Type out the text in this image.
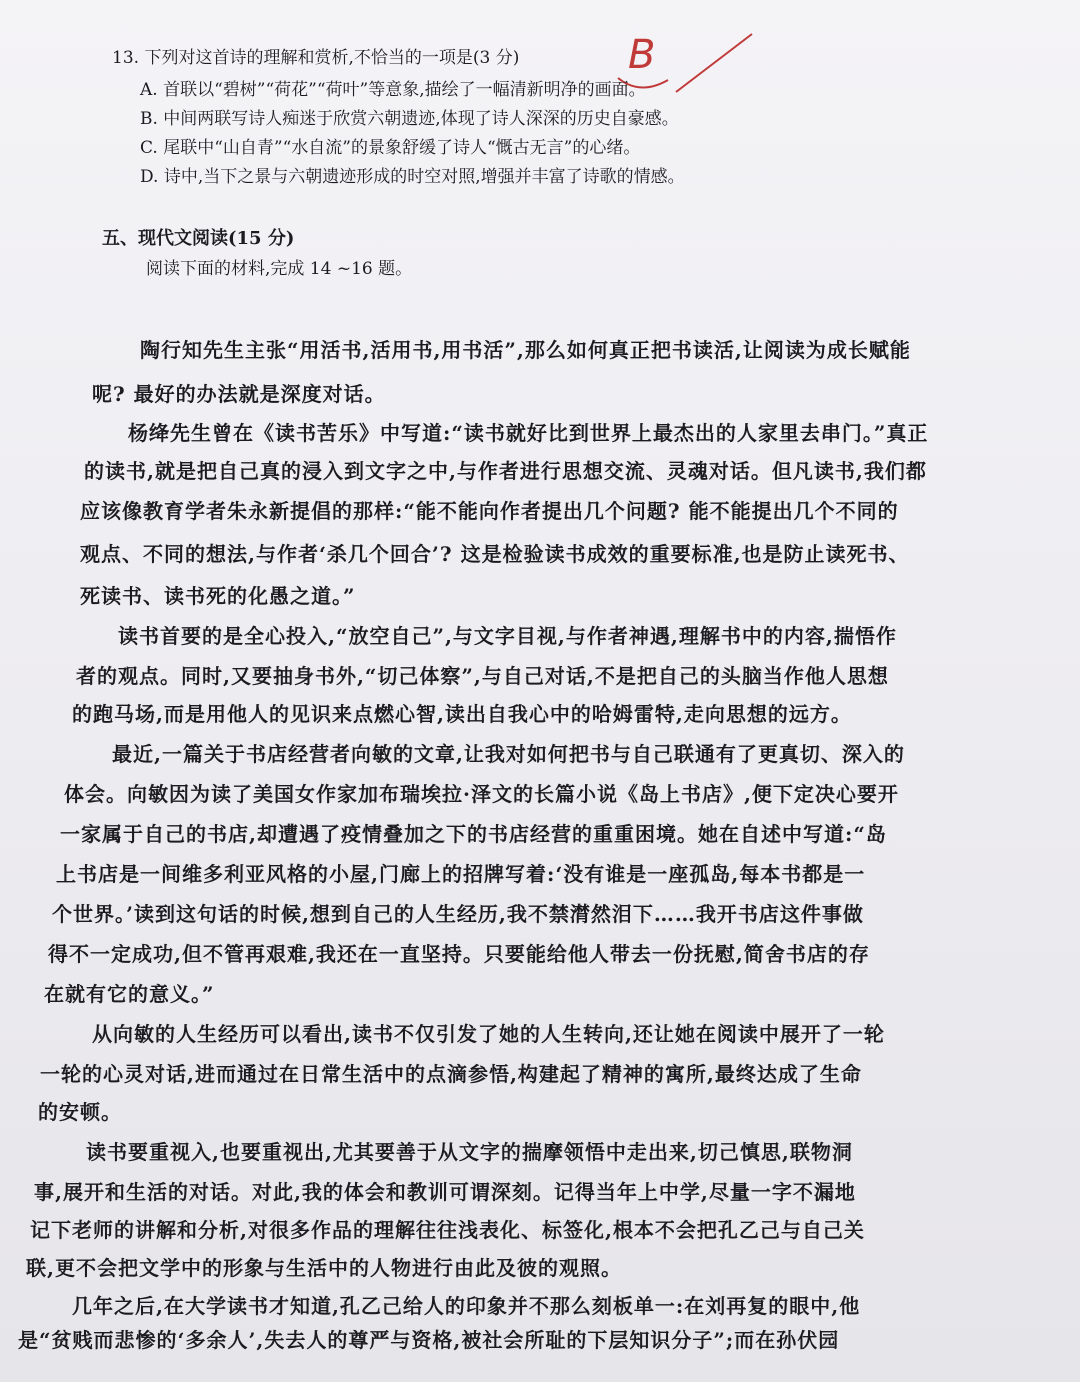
13. 下列对这首诗的理解和赏析,不恰当的一项是(3 分)	B
A. 首联以“碧树”“荷花”“荷叶”等意象,描绘了一幅清新明净的画面。
B. 中间两联写诗人痴迷于欣赏六朝遗迹,体现了诗人深深的历史自豪感。
C. 尾联中“山自青”“水自流”的景象舒缓了诗人“慨古无言”的心绪。
D. 诗中,当下之景与六朝遗迹形成的时空对照,增强并丰富了诗歌的情感。
五、现代文阅读(15 分)
阅读下面的材料,完成 14 ~16 题。
陶行知先生主张“用活书,活用书,用书活”,那么如何真正把书读活,让阅读为成长赋能
呢? 最好的办法就是深度对话。
杨绛先生曾在《读书苦乐》中写道:“读书就好比到世界上最杰出的人家里去串门。”真正
的读书,就是把自己真的浸入到文字之中,与作者进行思想交流、灵魂对话。但凡读书,我们都
应该像教育学者朱永新提倡的那样:“能不能向作者提出几个问题? 能不能提出几个不同的
观点、不同的想法,与作者‘杀几个回合’? 这是检验读书成效的重要标准,也是防止读死书、
死读书、读书死的化愚之道。”
读书首要的是全心投入,“放空自己”,与文字目视,与作者神遇,理解书中的内容,揣悟作
者的观点。同时,又要抽身书外,“切己体察”,与自己对话,不是把自己的头脑当作他人思想
的跑马场,而是用他人的见识来点燃心智,读出自我心中的哈姆雷特,走向思想的远方。
最近,一篇关于书店经营者向敏的文章,让我对如何把书与自己联通有了更真切、深入的
体会。向敏因为读了美国女作家加布瑞埃拉·泽文的长篇小说《岛上书店》,便下定决心要开
一家属于自己的书店,却遭遇了疫情叠加之下的书店经营的重重困境。她在自述中写道:“岛
上书店是一间维多利亚风格的小屋,门廊上的招牌写着:‘没有谁是一座孤岛,每本书都是一
个世界。’读到这句话的时候,想到自己的人生经历,我不禁潸然泪下……我开书店这件事做
得不一定成功,但不管再艰难,我还在一直坚持。只要能给他人带去一份抚慰,简舍书店的存
在就有它的意义。”
从向敏的人生经历可以看出,读书不仅引发了她的人生转向,还让她在阅读中展开了一轮
一轮的心灵对话,进而通过在日常生活中的点滴参悟,构建起了精神的寓所,最终达成了生命
的安顿。
读书要重视入,也要重视出,尤其要善于从文字的揣摩领悟中走出来,切己慎思,联物洞
事,展开和生活的对话。对此,我的体会和教训可谓深刻。记得当年上中学,尽量一字不漏地
记下老师的讲解和分析,对很多作品的理解往往浅表化、标签化,根本不会把孔乙己与自己关
联,更不会把文学中的形象与生活中的人物进行由此及彼的观照。
几年之后,在大学读书才知道,孔乙己给人的印象并不那么刻板单一:在刘再复的眼中,他
是“贫贱而悲惨的‘多余人’,失去人的尊严与资格,被社会所耻的下层知识分子”;而在孙伏园
